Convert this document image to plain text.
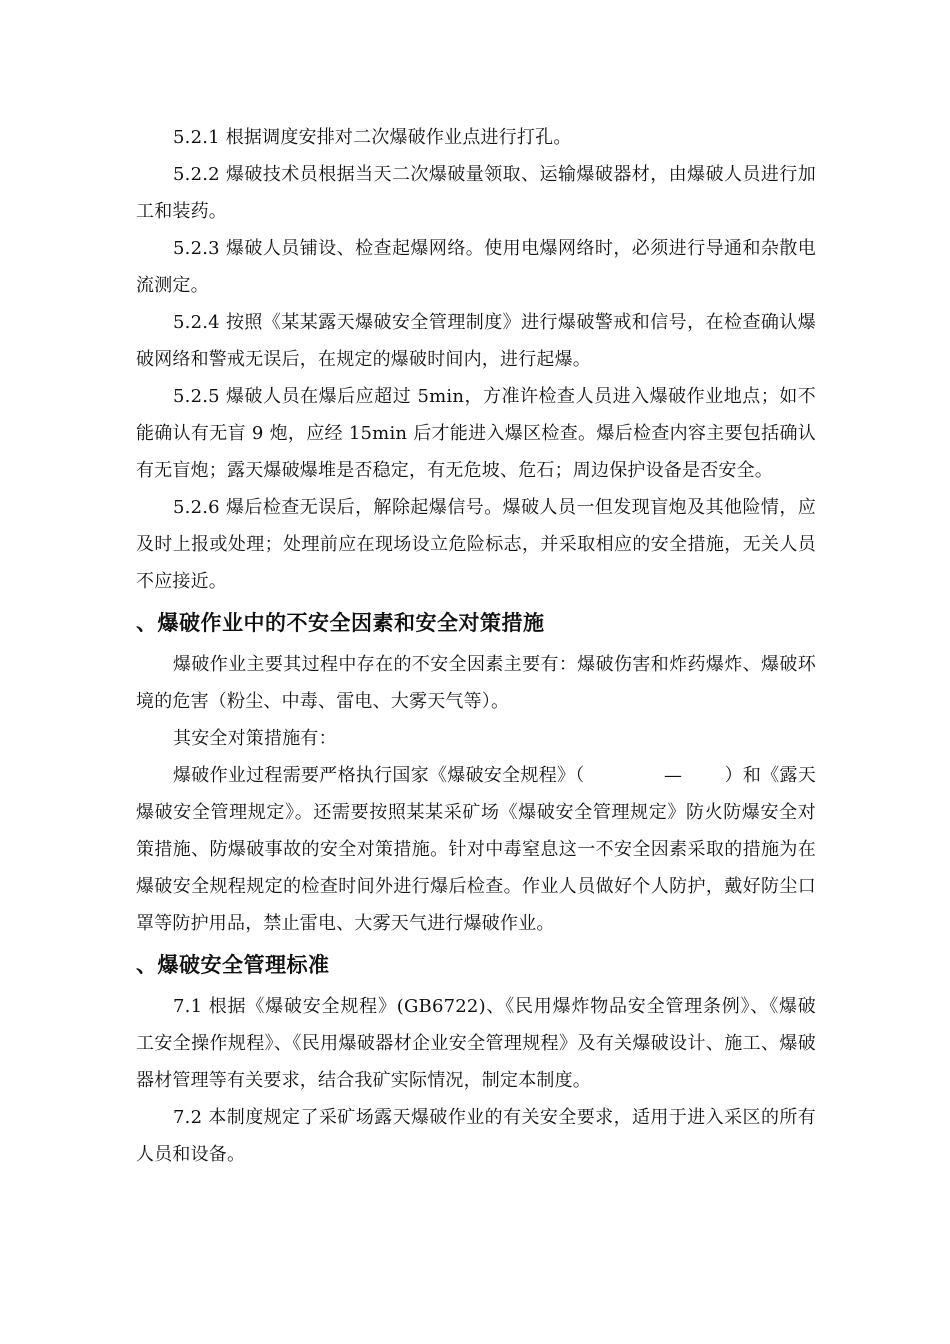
5.2.1 根据调度安排对二次爆破作业点进行打孔。

5.2.2 爆破技术员根据当天二次爆破量领取、运输爆破器材，由爆破人员进行加工和装药。

5.2.3 爆破人员铺设、检查起爆网络。使用电爆网络时，必须进行导通和杂散电流测定。

5.2.4 按照《某某露天爆破安全管理制度》进行爆破警戒和信号，在检查确认爆破网络和警戒无误后，在规定的爆破时间内，进行起爆。

5.2.5 爆破人员在爆后应超过 5min，方准许检查人员进入爆破作业地点；如不能确认有无盲 9 炮，应经 15min 后才能进入爆区检查。爆后检查内容主要包括确认有无盲炮；露天爆破爆堆是否稳定，有无危坡、危石；周边保护设备是否安全。

5.2.6 爆后检查无误后，解除起爆信号。爆破人员一但发现盲炮及其他险情，应及时上报或处理；处理前应在现场设立危险标志，并采取相应的安全措施，无关人员不应接近。

、爆破作业中的不安全因素和安全对策措施

爆破作业主要其过程中存在的不安全因素主要有：爆破伤害和炸药爆炸、爆破环境的危害（粉尘、中毒、雷电、大雾天气等）。

其安全对策措施有：

爆破作业过程需要严格执行国家《爆破安全规程》（	— ）和《露天爆破安全管理规定》。还需要按照某某采矿场《爆破安全管理规定》防火防爆安全对策措施、防爆破事故的安全对策措施。针对中毒窒息这一不安全因素采取的措施为在爆破安全规程规定的检查时间外进行爆后检查。作业人员做好个人防护，戴好防尘口罩等防护用品，禁止雷电、大雾天气进行爆破作业。

、爆破安全管理标准

7.1 根据《爆破安全规程》(GB6722)、《民用爆炸物品安全管理条例》、《爆破工安全操作规程》、《民用爆破器材企业安全管理规程》及有关爆破设计、施工、爆破器材管理等有关要求，结合我矿实际情况，制定本制度。

7.2 本制度规定了采矿场露天爆破作业的有关安全要求，适用于进入采区的所有人员和设备。
